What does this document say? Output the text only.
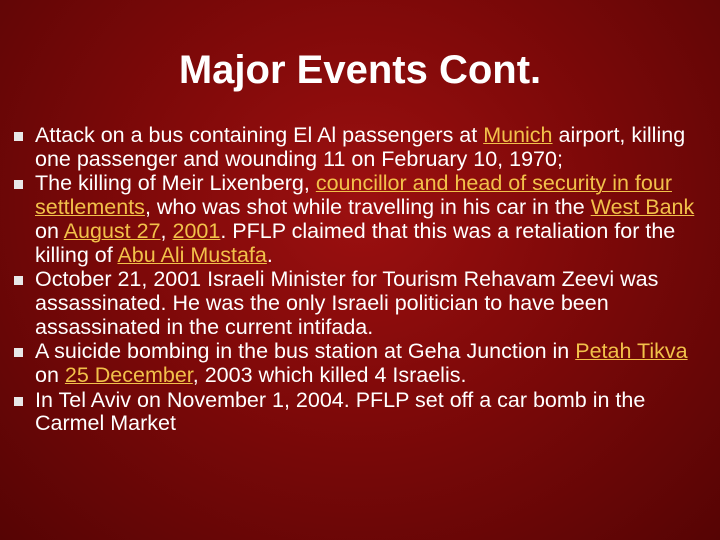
Major Events Cont.
Attack on a bus containing El Al passengers at Munich airport, killing one passenger and wounding 11 on February 10, 1970;
The killing of Meir Lixenberg, councillor and head of security in four settlements, who was shot while travelling in his car in the West Bank on August 27, 2001. PFLP claimed that this was a retaliation for the killing of Abu Ali Mustafa.
October 21, 2001 Israeli Minister for Tourism Rehavam Zeevi was assassinated. He was the only Israeli politician to have been assassinated in the current intifada.
A suicide bombing in the bus station at Geha Junction in Petah Tikva on 25 December, 2003 which killed 4 Israelis.
In Tel Aviv on November 1, 2004. PFLP set off a car bomb in the Carmel Market
